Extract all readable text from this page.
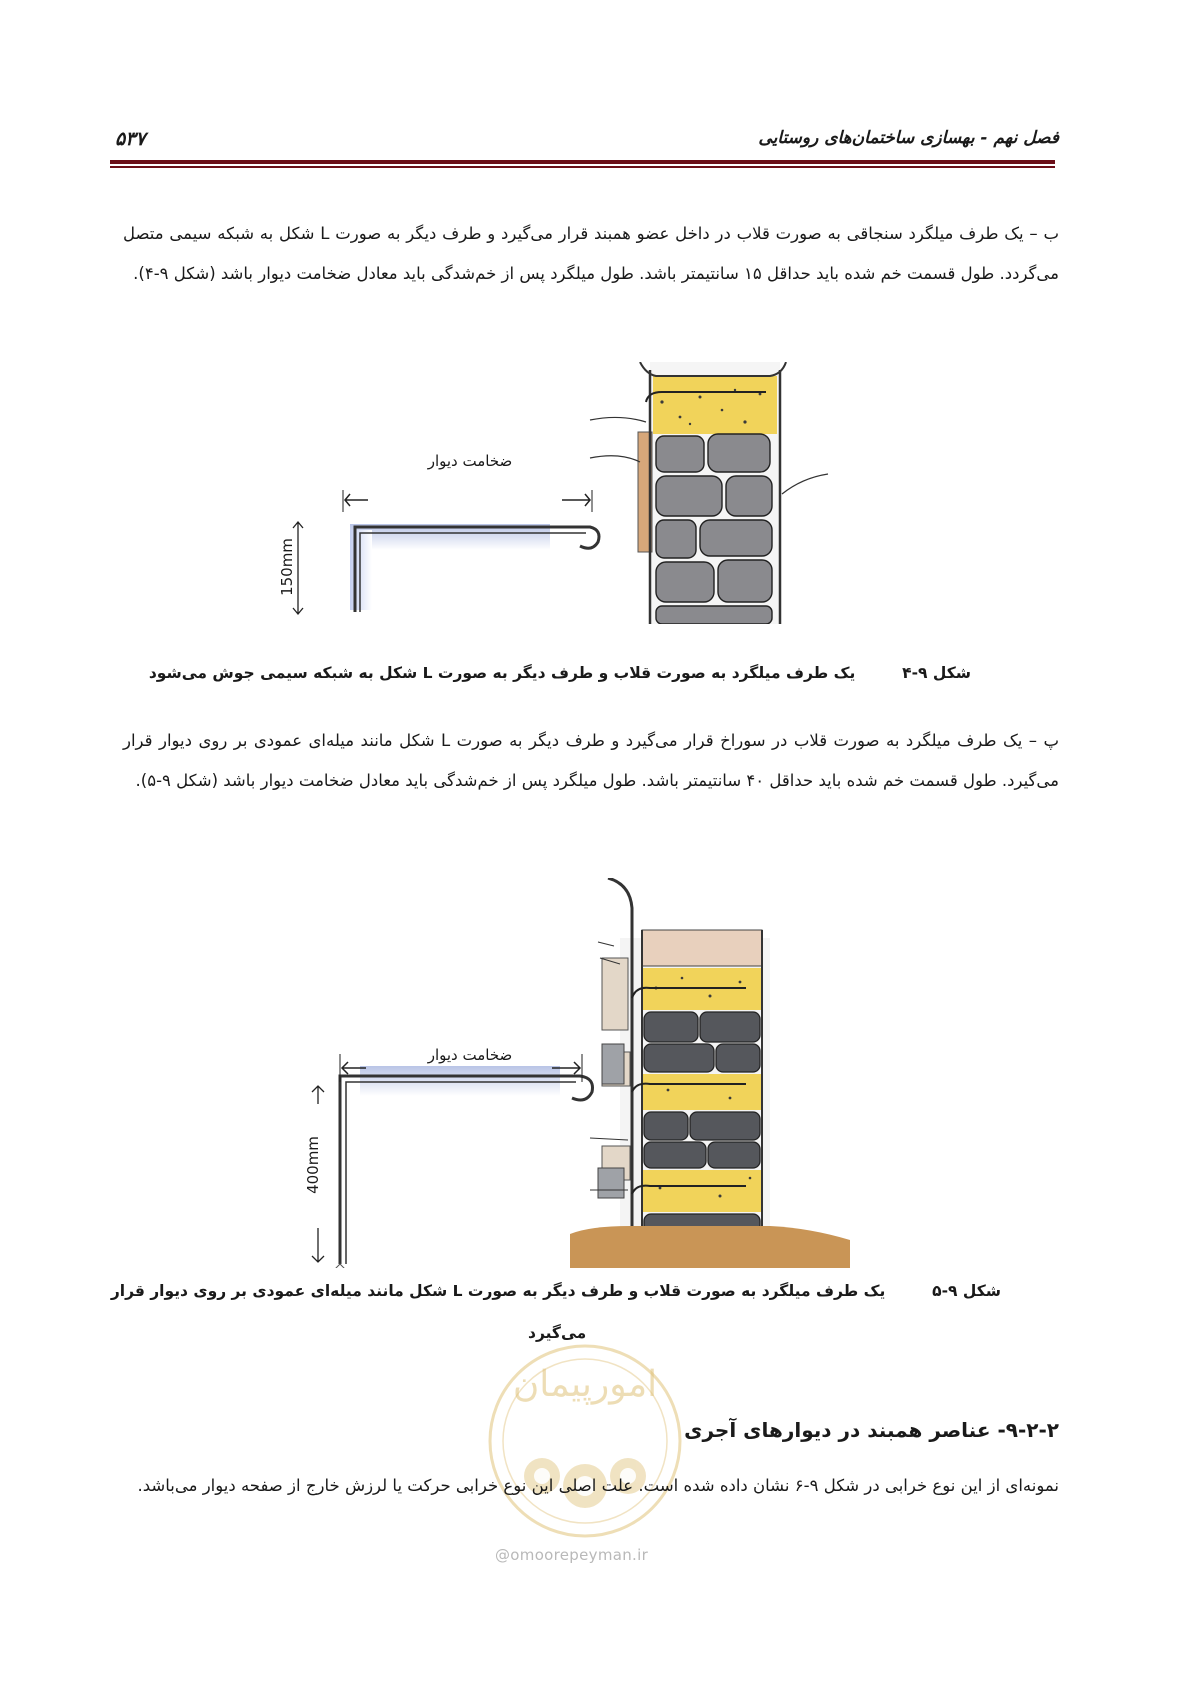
فصل نهم - بهسازی ساختمان‌های روستایی
۵۳۷

ب – یک طرف میلگرد سنجاقی به صورت قلاب در داخل عضو همبند قرار می‌گیرد و طرف دیگر به صورت L شکل به شبکه سیمی متصل می‌گردد. طول قسمت خم شده باید حداقل ۱۵ سانتیمتر باشد. طول میلگرد پس از خم‌شدگی باید معادل ضخامت دیوار باشد (شکل ۹-۴).

ضخامت دیوار
150mm
شکل ۹-۴  یک طرف میلگرد به صورت قلاب و طرف دیگر به صورت L شکل به شبکه سیمی جوش می‌شود

پ – یک طرف میلگرد به صورت قلاب در سوراخ قرار می‌گیرد و طرف دیگر به صورت L شکل مانند میله‌ای عمودی بر روی دیوار قرار می‌گیرد. طول قسمت خم شده باید حداقل ۴۰ سانتیمتر باشد. طول میلگرد پس از خم‌شدگی باید معادل ضخامت دیوار باشد (شکل ۹-۵).

ضخامت دیوار
400mm
شکل ۹-۵  یک طرف میلگرد به صورت قلاب و طرف دیگر به صورت L شکل مانند میله‌ای عمودی بر روی دیوار قرار
می‌گیرد
امورپیمان
۹-۲-۲- عناصر همبند در دیوارهای آجری

نمونه‌ای از این نوع خرابی در شکل ۹-۶ نشان داده شده است. علت اصلی این نوع خرابی حرکت یا لرزش خارج از صفحه دیوار می‌باشد.

@omoorepeyman.ir
